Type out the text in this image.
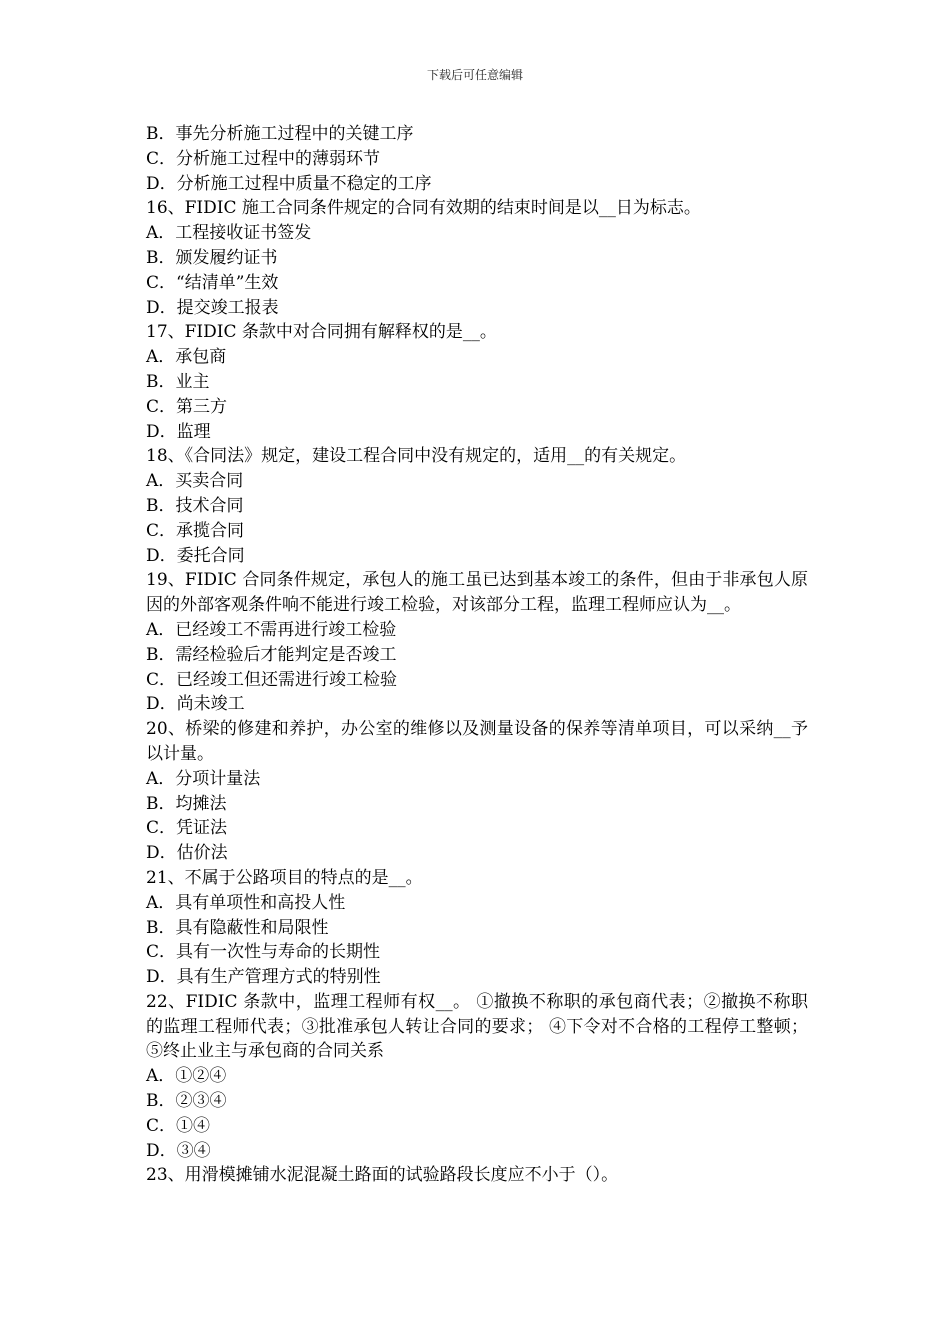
下载后可任意编辑
B．事先分析施工过程中的关键工序
C．分析施工过程中的薄弱环节
D．分析施工过程中质量不稳定的工序
16、FIDIC 施工合同条件规定的合同有效期的结束时间是以__日为标志。
A．工程接收证书签发
B．颁发履约证书
C．“结清单”生效
D．提交竣工报表
17、FIDIC 条款中对合同拥有解释权的是__。
A．承包商
B．业主
C．第三方
D．监理
18、《合同法》规定，建设工程合同中没有规定的，适用__的有关规定。
A．买卖合同
B．技术合同
C．承揽合同
D．委托合同
19、FIDIC 合同条件规定，承包人的施工虽已达到基本竣工的条件，但由于非承包人原因的外部客观条件响不能进行竣工检验，对该部分工程，监理工程师应认为__。
A．已经竣工不需再进行竣工检验
B．需经检验后才能判定是否竣工
C．已经竣工但还需进行竣工检验
D．尚未竣工
20、桥梁的修建和养护，办公室的维修以及测量设备的保养等清单项目，可以采纳__予以计量。
A．分项计量法
B．均摊法
C．凭证法
D．估价法
21、不属于公路项目的特点的是__。
A．具有单项性和高投人性
B．具有隐蔽性和局限性
C．具有一次性与寿命的长期性
D．具有生产管理方式的特别性
22、FIDIC 条款中，监理工程师有权__。 ①撤换不称职的承包商代表；②撤换不称职的监理工程师代表；③批准承包人转让合同的要求； ④下令对不合格的工程停工整顿；⑤终止业主与承包商的合同关系
A．①②④
B．②③④
C．①④
D．③④
23、用滑模摊铺水泥混凝土路面的试验路段长度应不小于（）。
